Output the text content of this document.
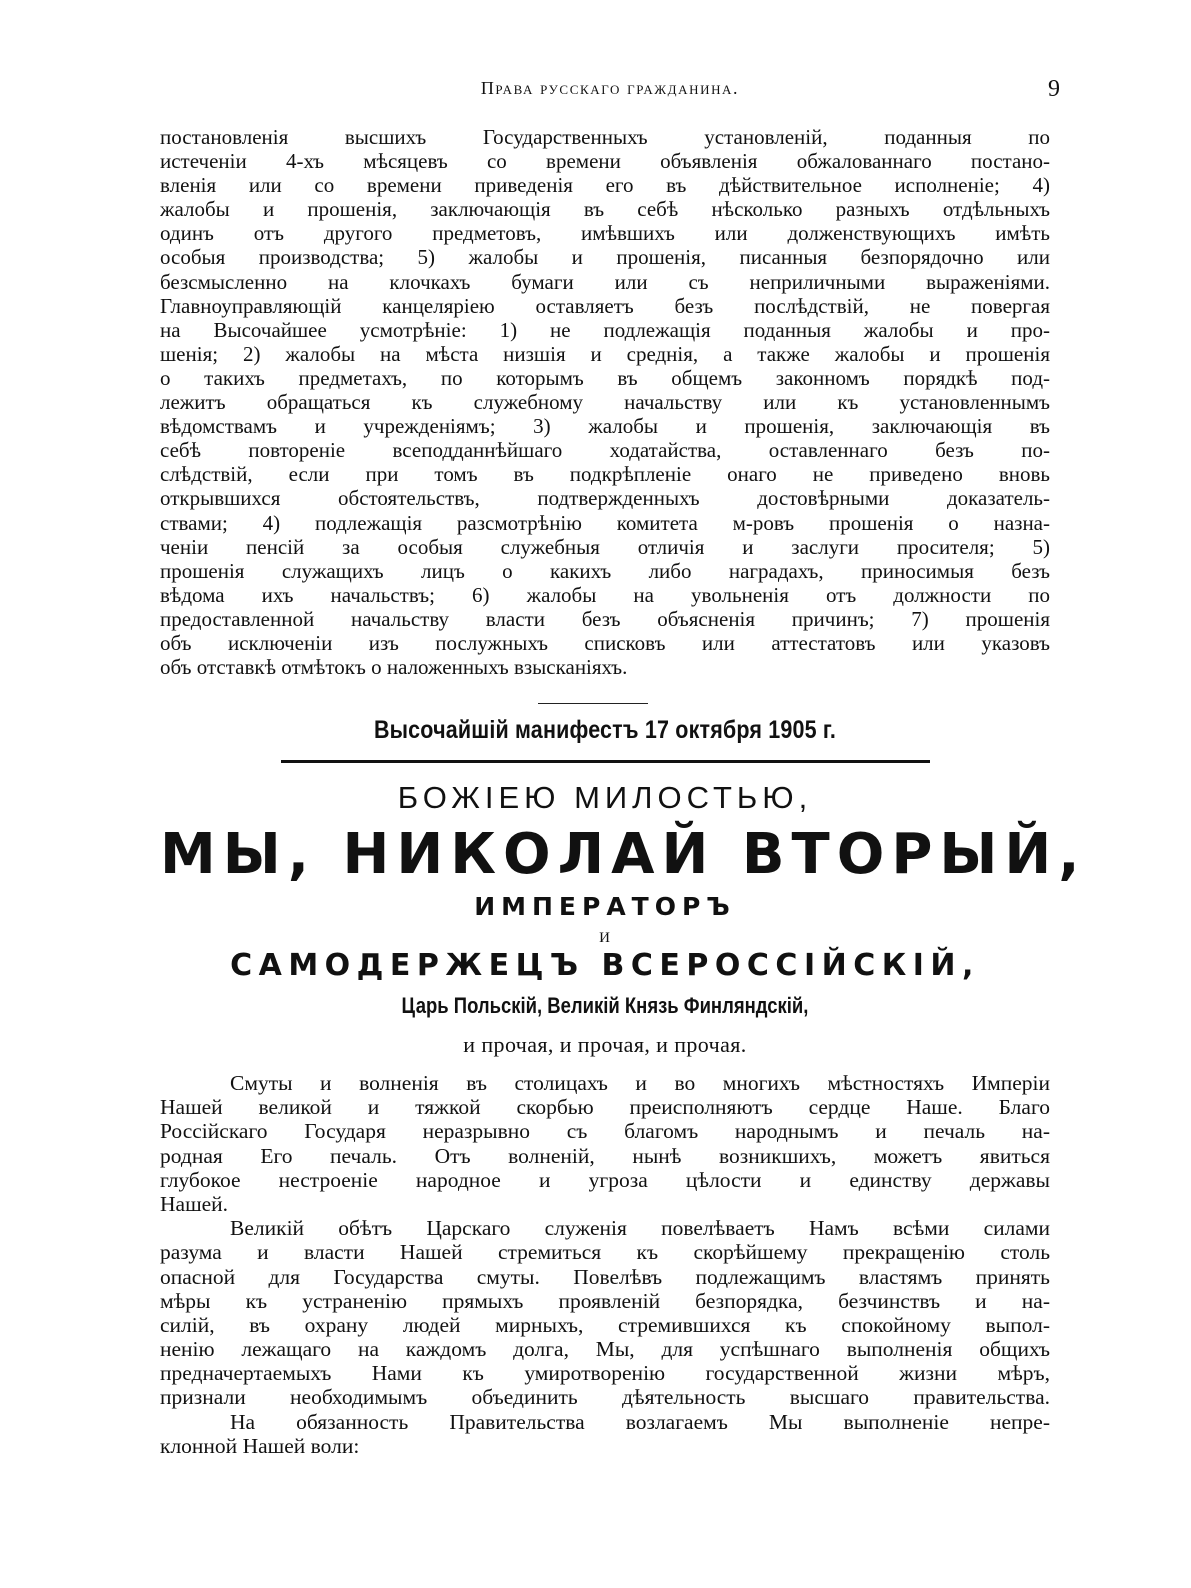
Права русскаго гражданина.	9
постановленія высшихъ Государственныхъ установленій, поданныя по
истеченіи 4-хъ мѣсяцевъ со времени объявленія обжалованнаго постано-
вленія или со времени приведенія его въ дѣйствительное исполненіе; 4)
жалобы и прошенія, заключающія въ себѣ нѣсколько разныхъ отдѣльныхъ
одинъ отъ другого предметовъ, имѣвшихъ или долженствующихъ имѣть
особыя производства; 5) жалобы и прошенія, писанныя безпорядочно или
безсмысленно на клочкахъ бумаги или съ неприличными выраженіями.
Главноуправляющій канцеляріею оставляетъ безъ послѣдствій, не повергая
на Высочайшее усмотрѣніе: 1) не подлежащія поданныя жалобы и про-
шенія; 2) жалобы на мѣста низшія и среднія, а также жалобы и прошенія
о такихъ предметахъ, по которымъ въ общемъ законномъ порядкѣ под-
лежитъ обращаться къ служебному начальству или къ установленнымъ
вѣдомствамъ и учрежденіямъ; 3) жалобы и прошенія, заключающія въ
себѣ повтореніе всеподданнѣйшаго ходатайства, оставленнаго безъ по-
слѣдствій, если при томъ въ подкрѣпленіе онаго не приведено вновь
открывшихся обстоятельствъ, подтвержденныхъ достовѣрными доказатель-
ствами; 4) подлежащія разсмотрѣнію комитета м-ровъ прошенія о назна-
ченіи пенсій за особыя служебныя отличія и заслуги просителя; 5)
прошенія служащихъ лицъ о какихъ либо наградахъ, приносимыя безъ
вѣдома ихъ начальствъ; 6) жалобы на увольненія отъ должности по
предоставленной начальству власти безъ объясненія причинъ; 7) прошенія
объ исключеніи изъ послужныхъ списковъ или аттестатовъ или указовъ
объ отставкѣ отмѣтокъ о наложенныхъ взысканіяхъ.
Высочайшій манифестъ 17 октября 1905 г.
БОЖІЕЮ МИЛОСТЬЮ,
МЫ, НИКОЛАЙ ВТОРЫЙ,
ИМПЕРАТОРЪ
И
САМОДЕРЖЕЦЪ ВСЕРОССІЙСКІЙ,
Царь Польскій, Великій Князь Финляндскій,
и прочая, и прочая, и прочая.
Смуты и волненія въ столицахъ и во многихъ мѣстностяхъ Имперіи
Нашей великой и тяжкой скорбью преисполняютъ сердце Наше. Благо
Россійскаго Государя неразрывно съ благомъ народнымъ и печаль на-
родная Его печаль. Отъ волненій, нынѣ возникшихъ, можетъ явиться
глубокое нестроеніе народное и угроза цѣлости и единству державы
Нашей.
Великій обѣтъ Царскаго служенія повелѣваетъ Намъ всѣми силами
разума и власти Нашей стремиться къ скорѣйшему прекращенію столь
опасной для Государства смуты. Повелѣвъ подлежащимъ властямъ принять
мѣры къ устраненію прямыхъ проявленій безпорядка, безчинствъ и на-
силій, въ охрану людей мирныхъ, стремившихся къ спокойному выпол-
ненію лежащаго на каждомъ долга, Мы, для успѣшнаго выполненія общихъ
предначертаемыхъ Нами къ умиротворенію государственной жизни мѣръ,
признали необходимымъ объединить дѣятельность высшаго правительства.
На обязанность Правительства возлагаемъ Мы выполненіе непре-
клонной Нашей воли:
